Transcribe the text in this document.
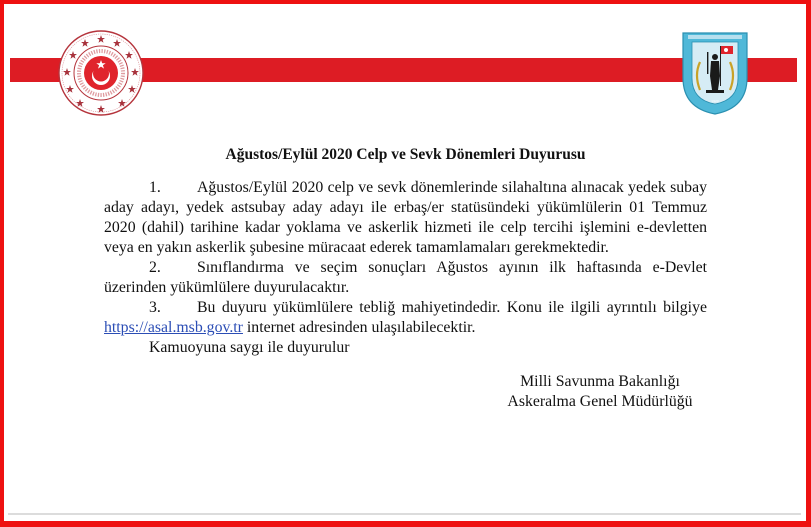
1920
Ağustos/Eylül 2020 Celp ve Sevk Dönemleri Duyurusu

1. Ağustos/Eylül 2020 celp ve sevk dönemlerinde silahaltına alınacak yedek subay aday adayı, yedek astsubay aday adayı ile erbaş/er statüsündeki yükümlülerin 01 Temmuz 2020 (dahil) tarihine kadar yoklama ve askerlik hizmeti ile celp tercihi işlemini e-devletten veya en yakın askerlik şubesine müracaat ederek tamamlamaları gerekmektedir.

2. Sınıflandırma ve seçim sonuçları Ağustos ayının ilk haftasında e-Devlet üzerinden yükümlülere duyurulacaktır.

3. Bu duyuru yükümlülere tebliğ mahiyetindedir. Konu ile ilgili ayrıntılı bilgiye https://asal.msb.gov.tr internet adresinden ulaşılabilecektir.

Kamuoyuna saygı ile duyurulur

Milli Savunma Bakanlığı
Askeralma Genel Müdürlüğü
